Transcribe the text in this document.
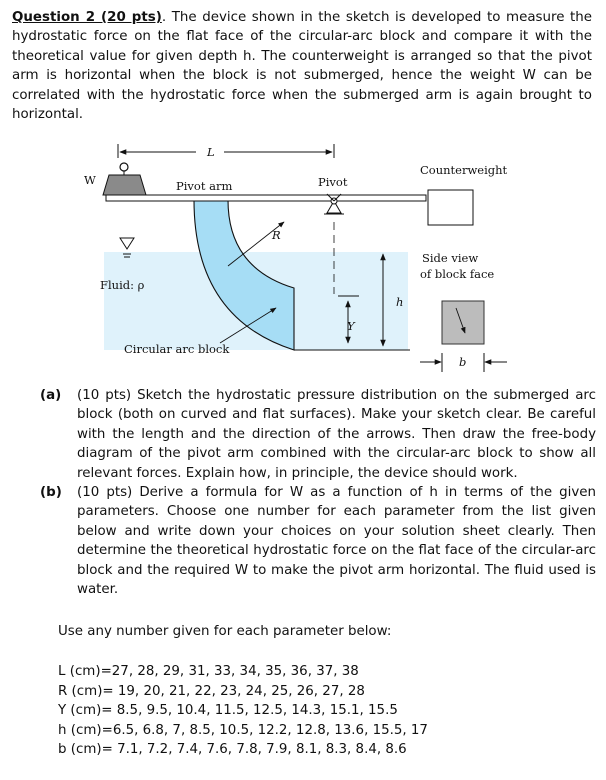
Question 2 (20 pts). The device shown in the sketch is developed to measure the hydrostatic force on the flat face of the circular-arc block and compare it with the theoretical value for given depth h. The counterweight is arranged so that the pivot arm is horizontal when the block is not submerged, hence the weight W can be correlated with the hydrostatic force when the submerged arm is again brought to horizontal.
W
L
Pivot arm	Pivot
Counterweight
R
Fluid: ρ
Y
h
Circular arc block
Side view
of block face
b
(a)	(10 pts) Sketch the hydrostatic pressure distribution on the submerged arc block (both on curved and flat surfaces). Make your sketch clear. Be careful with the length and the direction of the arrows. Then draw the free-body diagram of the pivot arm combined with the circular-arc block to show all relevant forces. Explain how, in principle, the device should work.
(b)	(10 pts) Derive a formula for W as a function of h in terms of the given parameters. Choose one number for each parameter from the list given below and write down your choices on your solution sheet clearly. Then determine the theoretical hydrostatic force on the flat face of the circular-arc block and the required W to make the pivot arm horizontal. The fluid used is water.
Use any number given for each parameter below:
L (cm)=27, 28, 29, 31, 33, 34, 35, 36, 37, 38
R (cm)= 19, 20, 21, 22, 23, 24, 25, 26, 27, 28
Y (cm)= 8.5, 9.5, 10.4, 11.5, 12.5, 14.3, 15.1, 15.5
h (cm)=6.5, 6.8, 7, 8.5, 10.5, 12.2, 12.8, 13.6, 15.5, 17
b (cm)= 7.1, 7.2, 7.4, 7.6, 7.8, 7.9, 8.1, 8.3, 8.4, 8.6
